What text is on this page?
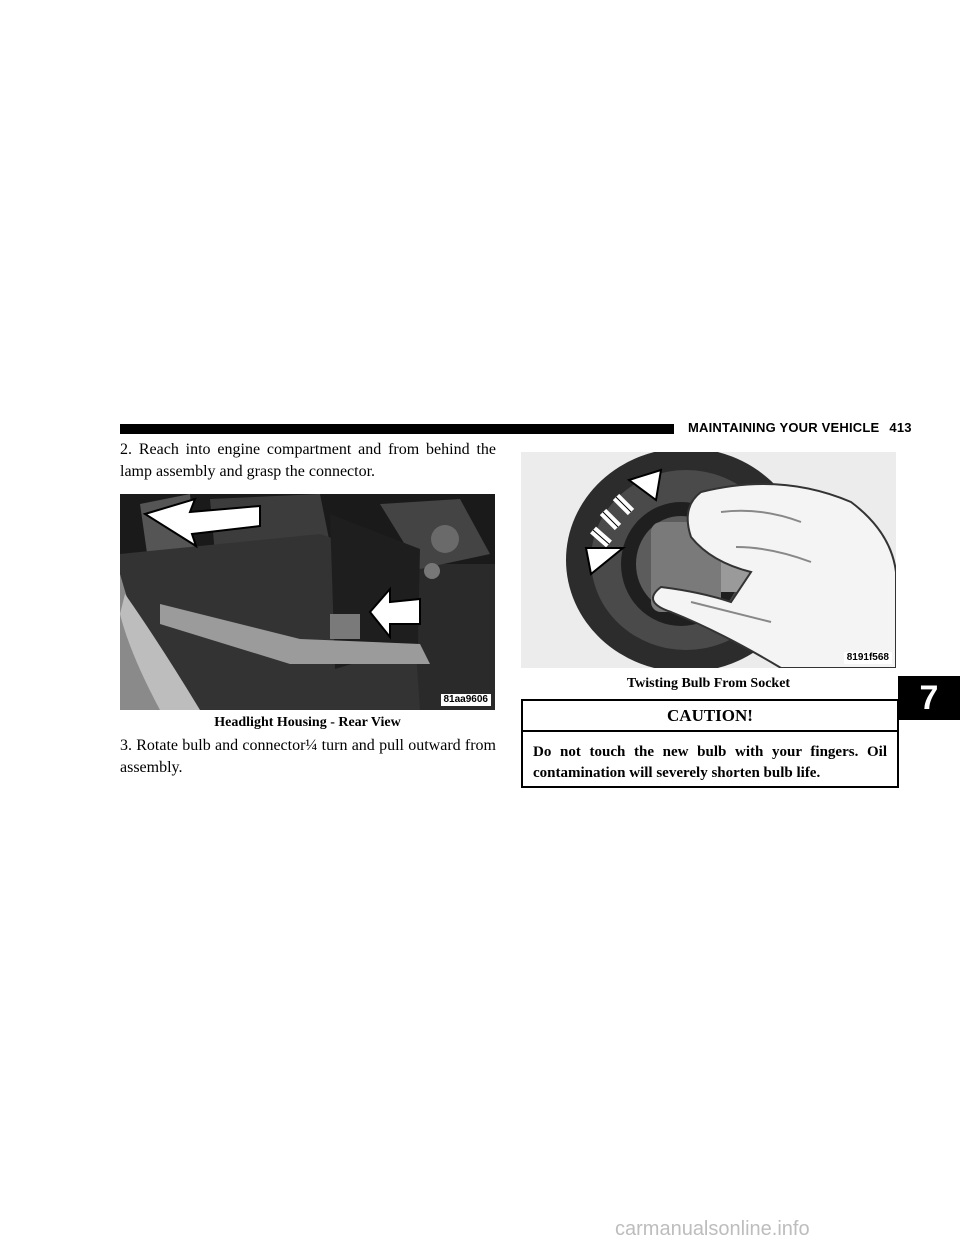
MAINTAINING YOUR VEHICLE 413

2. Reach into engine compartment and from behind the lamp assembly and grasp the connector.

81aa9606
Headlight Housing - Rear View

3. Rotate bulb and connector¼ turn and pull outward from assembly.

8191f568
Twisting Bulb From Socket
CAUTION!
Do not touch the new bulb with your fingers. Oil contamination will severely shorten bulb life.
7
carmanualsonline.info
